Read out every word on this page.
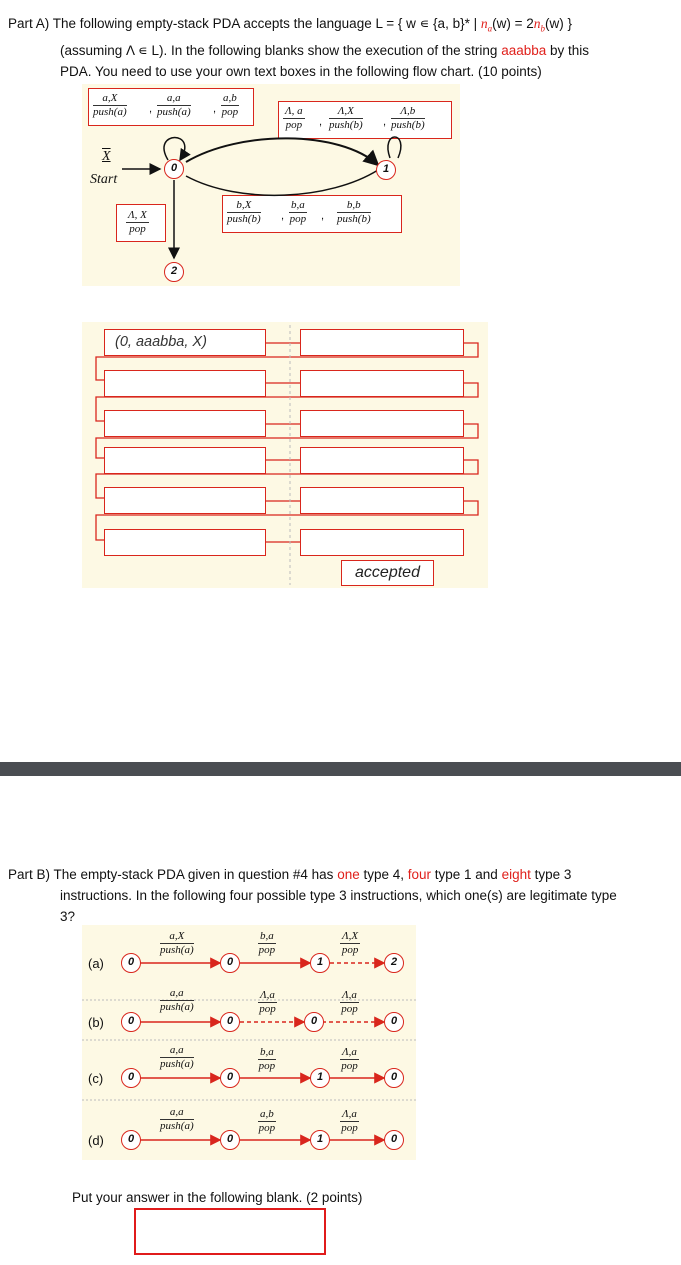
Part A) The following empty-stack PDA accepts the language L = { w ∊ {a, b}* | $n_a(w) = 2n_b(w)$ }
(assuming Λ ∊ L). In the following blanks show the execution of the string aaabba by this
PDA. You need to use your own text boxes in the following flow chart. (10 points)
a,X
push(a) ,
a,a
push(a) ,
a,b
pop	Λ, a
pop ,
Λ,X
push(b) ,
Λ,b
push(b)
b,X
push(b) ,
b,a
pop ,
b,b
push(b)
Λ, X
pop
X
Start
0	1
2
(0, aaabba, X)
accepted
Part B) The empty-stack PDA given in question #4 has one type 4, four type 1 and eight type 3
instructions. In the following four possible type 3 instructions, which one(s) are legitimate type
3?
(a)	0
a,X
push(a)
0
b,a
pop
1
Λ,X
pop
2
(b)	0
a,a
push(a)
0
Λ,a
pop
0
Λ,a
pop
0
(c)	0
a,a
push(a)
0
b,a
pop
1
Λ,a
pop
0
(d)	0
a,a
push(a)
0
a,b
pop
1
Λ,a
pop
0
Put your answer in the following blank. (2 points)
